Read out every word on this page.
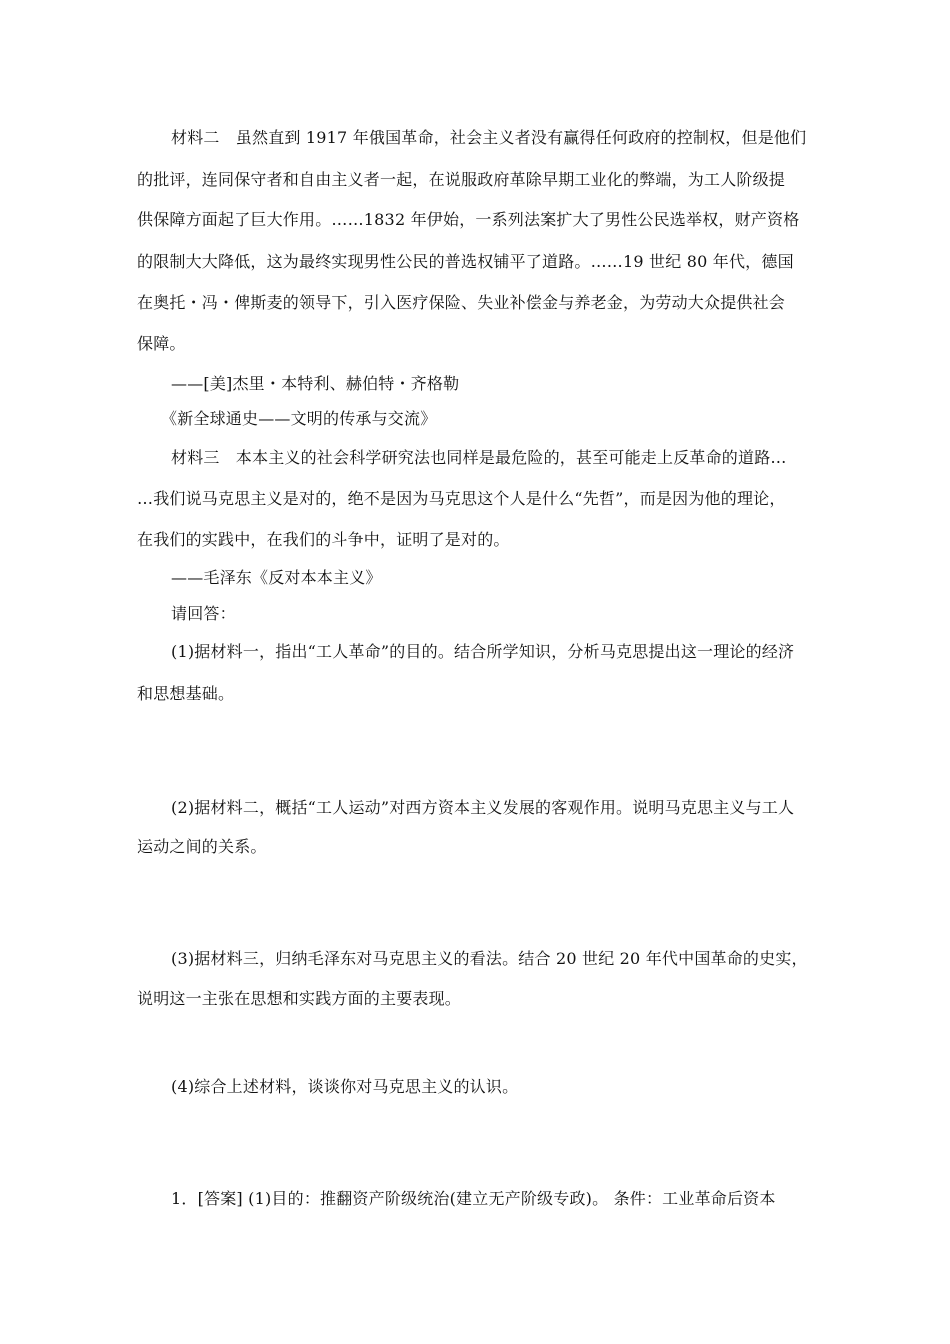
材料二　虽然直到 1917 年俄国革命，社会主义者没有赢得任何政府的控制权，但是他们
的批评，连同保守者和自由主义者一起，在说服政府革除早期工业化的弊端，为工人阶级提
供保障方面起了巨大作用。……1832 年伊始，一系列法案扩大了男性公民选举权，财产资格
的限制大大降低，这为最终实现男性公民的普选权铺平了道路。……19 世纪 80 年代，德国
在奥托・冯・俾斯麦的领导下，引入医疗保险、失业补偿金与养老金，为劳动大众提供社会
保障。
——[美]杰里・本特利、赫伯特・齐格勒
《新全球通史——文明的传承与交流》
材料三　本本主义的社会科学研究法也同样是最危险的，甚至可能走上反革命的道路…
…我们说马克思主义是对的，绝不是因为马克思这个人是什么“先哲”，而是因为他的理论，
在我们的实践中，在我们的斗争中，证明了是对的。
——毛泽东《反对本本主义》
请回答：
(1)据材料一，指出“工人革命”的目的。结合所学知识，分析马克思提出这一理论的经济
和思想基础。
(2)据材料二，概括“工人运动”对西方资本主义发展的客观作用。说明马克思主义与工人
运动之间的关系。
(3)据材料三，归纳毛泽东对马克思主义的看法。结合 20 世纪 20 年代中国革命的史实，
说明这一主张在思想和实践方面的主要表现。
(4)综合上述材料，谈谈你对马克思主义的认识。
1．[答案] (1)目的：推翻资产阶级统治(建立无产阶级专政)。 条件：工业革命后资本
